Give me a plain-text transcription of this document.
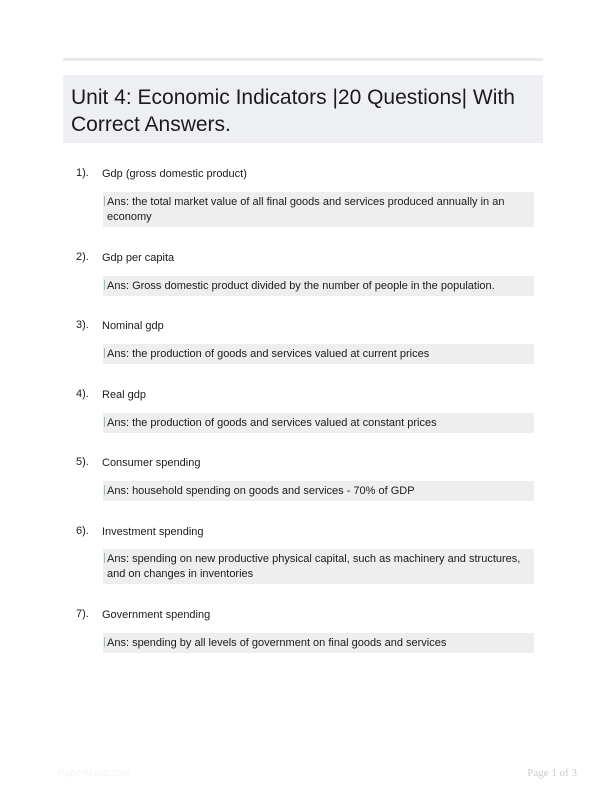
Unit 4: Economic Indicators |20 Questions| With Correct Answers.
1). Gdp (gross domestic product)
Ans: the total market value of all final goods and services produced annually in an economy
2). Gdp per capita
Ans: Gross domestic product divided by the number of people in the population.
3). Nominal gdp
Ans: the production of goods and services valued at current prices
4). Real gdp
Ans: the production of goods and services valued at constant prices
5). Consumer spending
Ans: household spending on goods and services - 70% of GDP
6). Investment spending
Ans: spending on new productive physical capital, such as machinery and structures, and on changes in inventories
7). Government spending
Ans: spending by all levels of government on final goods and services
PaperMatic.com	Page 1 of 3
